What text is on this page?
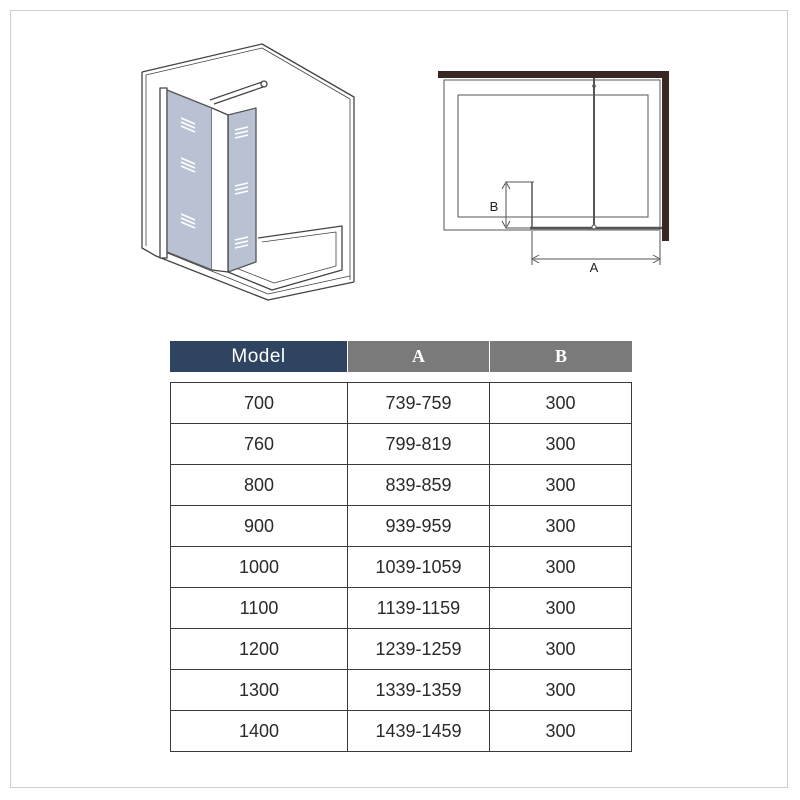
A
B
Model	A	B

700	739-759	300
760	799-819	300
800	839-859	300
900	939-959	300
1000	1039-1059	300
1100	1139-1159	300
1200	1239-1259	300
1300	1339-1359	300
1400	1439-1459	300
